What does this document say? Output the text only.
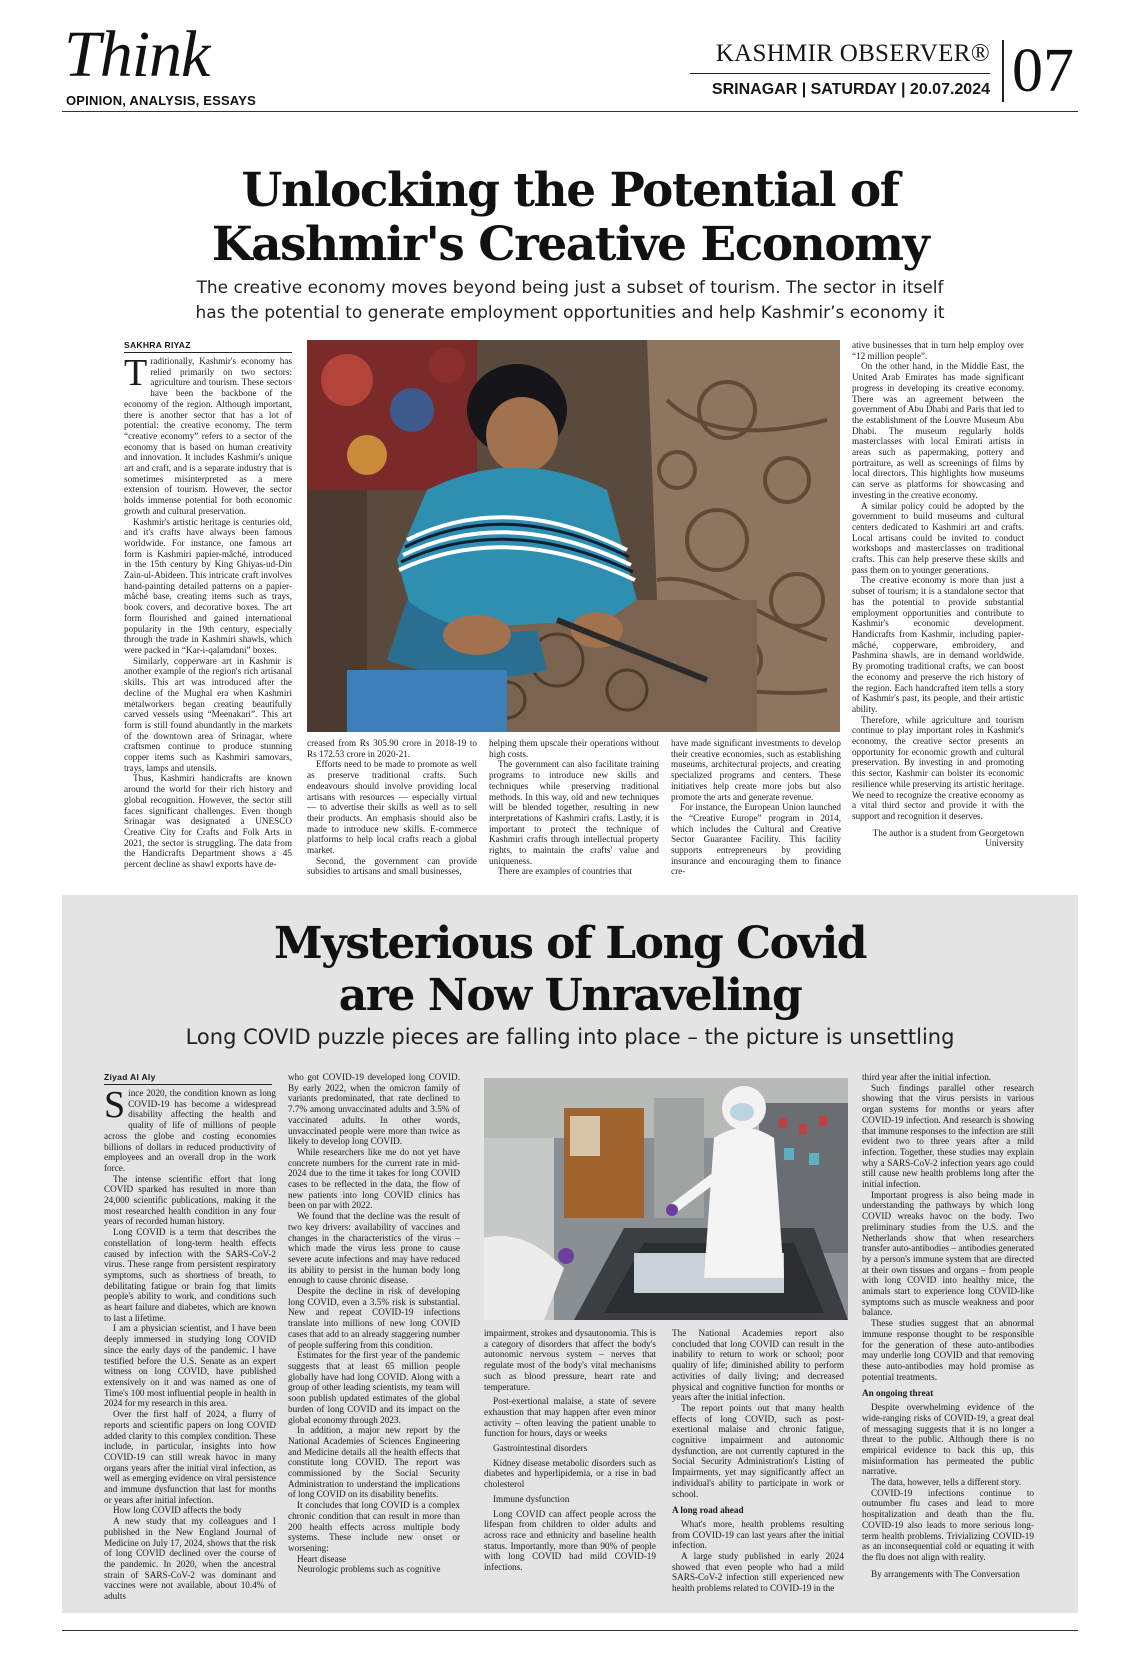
Think
OPINION, ANALYSIS, ESSAYS
KASHMIR OBSERVER®
SRINAGAR | SATURDAY | 20.07.2024 07
Unlocking the Potential of
Kashmir's Creative Economy
The creative economy moves beyond being just a subset of tourism. The sector in itself
has the potential to generate employment opportunities and help Kashmir’s economy it
SAKHRA RIYAZ
T raditionally, Kashmir's economy has relied primarily on two sectors: agriculture and tourism. These sectors have been the backbone of the economy of the region. Although important, there is another sector that has a lot of potential: the creative economy. The term “creative economy” refers to a sector of the economy that is based on human creativity and innovation. It includes Kashmir's unique art and craft, and is a separate industry that is sometimes misinterpreted as a mere extension of tourism. However, the sector holds immense potential for both economic growth and cultural preservation.

Kashmir's artistic heritage is centuries old, and it's crafts have always been famous worldwide. For instance, one famous art form is Kashmiri papier-mâché, introduced in the 15th century by King Ghiyas-ud-Din Zain-ul-Abideen. This intricate craft involves hand-painting detailed patterns on a papier-mâché base, creating items such as trays, book covers, and decorative boxes. The art form flourished and gained international popularity in the 19th century, especially through the trade in Kashmiri shawls, which were packed in “Kar-i-qalamdani” boxes.

Similarly, copperware art in Kashmir is another example of the region's rich artisanal skills. This art was introduced after the decline of the Mughal era when Kashmiri metalworkers began creating beautifully carved vessels using “Meenakari”. This art form is still found abundantly in the markets of the downtown area of Srinagar, where craftsmen continue to produce stunning copper items such as Kashmiri samovars, trays, lamps and utensils.

Thus, Kashmiri handicrafts are known around the world for their rich history and global recognition. However, the sector still faces significant challenges. Even though Srinagar was designated a UNESCO Creative City for Crafts and Folk Arts in 2021, the sector is struggling. The data from the Handicrafts Department shows a 45 percent decline as shawl exports have de-

creased from Rs 305.90 crore in 2018-19 to Rs 172.53 crore in 2020-21.

Efforts need to be made to promote as well as preserve traditional crafts. Such endeavours should involve providing local artisans with resources — especially virtual — to advertise their skills as well as to sell their products. An emphasis should also be made to introduce new skills. E-commerce platforms to help local crafts reach a global market.

Second, the government can provide subsidies to artisans and small businesses,

helping them upscale their operations without high costs.

The government can also facilitate training programs to introduce new skills and techniques while preserving traditional methods. In this way, old and new techniques will be blended together, resulting in new interpretations of Kashmiri crafts. Lastly, it is important to protect the technique of Kashmiri crafts through intellectual property rights, to maintain the crafts' value and uniqueness.

There are examples of countries that

have made significant investments to develop their creative economies, such as establishing museums, architectural projects, and creating specialized programs and centers. These initiatives help create more jobs but also promote the arts and generate revenue.

For instance, the European Union launched the “Creative Europe” program in 2014, which includes the Cultural and Creative Sector Guarantee Facility. This facility supports entrepreneurs by providing insurance and encouraging them to finance cre-

ative businesses that in turn help employ over “12 million people”.

On the other hand, in the Middle East, the United Arab Emirates has made significant progress in developing its creative economy. There was an agreement between the government of Abu Dhabi and Paris that led to the establishment of the Louvre Museum Abu Dhabi. The museum regularly holds masterclasses with local Emirati artists in areas such as papermaking, pottery and portraiture, as well as screenings of films by local directors. This highlights how museums can serve as platforms for showcasing and investing in the creative economy.

A similar policy could be adopted by the government to build museums and cultural centers dedicated to Kashmiri art and crafts. Local artisans could be invited to conduct workshops and masterclasses on traditional crafts. This can help preserve these skills and pass them on to younger generations.

The creative economy is more than just a subset of tourism; it is a standalone sector that has the potential to provide substantial employment opportunities and contribute to Kashmir's economic development. Handicrafts from Kashmir, including papier-mâché, copperware, embroidery, and Pashmina shawls, are in demand worldwide. By promoting traditional crafts, we can boost the economy and preserve the rich history of the region. Each handcrafted item tells a story of Kashmir's past, its people, and their artistic ability.

Therefore, while agriculture and tourism continue to play important roles in Kashmir's economy, the creative sector presents an opportunity for economic growth and cultural preservation. By investing in and promoting this sector, Kashmir can bolster its economic resilience while preserving its artistic heritage. We need to recognize the creative economy as a vital third sector and provide it with the support and recognition it deserves.

The author is a student from Georgetown University

Mysterious of Long Covid
are Now Unraveling
Long COVID puzzle pieces are falling into place – the picture is unsettling
Ziyad Al Aly
S ince 2020, the condition known as long COVID-19 has become a widespread disability affecting the health and quality of life of millions of people across the globe and costing economies billions of dollars in reduced productivity of employees and an overall drop in the work force.

The intense scientific effort that long COVID sparked has resulted in more than 24,000 scientific publications, making it the most researched health condition in any four years of recorded human history.

Long COVID is a term that describes the constellation of long-term health effects caused by infection with the SARS-CoV-2 virus. These range from persistent respiratory symptoms, such as shortness of breath, to debilitating fatigue or brain fog that limits people's ability to work, and conditions such as heart failure and diabetes, which are known to last a lifetime.

I am a physician scientist, and I have been deeply immersed in studying long COVID since the early days of the pandemic. I have testified before the U.S. Senate as an expert witness on long COVID, have published extensively on it and was named as one of Time's 100 most influential people in health in 2024 for my research in this area.

Over the first half of 2024, a flurry of reports and scientific papers on long COVID added clarity to this complex condition. These include, in particular, insights into how COVID-19 can still wreak havoc in many organs years after the initial viral infection, as well as emerging evidence on viral persistence and immune dysfunction that last for months or years after initial infection.

How long COVID affects the body

A new study that my colleagues and I published in the New England Journal of Medicine on July 17, 2024, shows that the risk of long COVID declined over the course of the pandemic. In 2020, when the ancestral strain of SARS-CoV-2 was dominant and vaccines were not available, about 10.4% of adults

who got COVID-19 developed long COVID. By early 2022, when the omicron family of variants predominated, that rate declined to 7.7% among unvaccinated adults and 3.5% of vaccinated adults. In other words, unvaccinated people were more than twice as likely to develop long COVID.

While researchers like me do not yet have concrete numbers for the current rate in mid-2024 due to the time it takes for long COVID cases to be reflected in the data, the flow of new patients into long COVID clinics has been on par with 2022.

We found that the decline was the result of two key drivers: availability of vaccines and changes in the characteristics of the virus – which made the virus less prone to cause severe acute infections and may have reduced its ability to persist in the human body long enough to cause chronic disease.

Despite the decline in risk of developing long COVID, even a 3.5% risk is substantial. New and repeat COVID-19 infections translate into millions of new long COVID cases that add to an already staggering number of people suffering from this condition.

Estimates for the first year of the pandemic suggests that at least 65 million people globally have had long COVID. Along with a group of other leading scientists, my team will soon publish updated estimates of the global burden of long COVID and its impact on the global economy through 2023.

In addition, a major new report by the National Academies of Sciences Engineering and Medicine details all the health effects that constitute long COVID. The report was commissioned by the Social Security Administration to understand the implications of long COVID on its disability benefits.

It concludes that long COVID is a complex chronic condition that can result in more than 200 health effects across multiple body systems. These include new onset or worsening:

Heart disease

Neurologic problems such as cognitive

impairment, strokes and dysautonomia. This is a category of disorders that affect the body's autonomic nervous system – nerves that regulate most of the body's vital mechanisms such as blood pressure, heart rate and temperature.

Post-exertional malaise, a state of severe exhaustion that may happen after even minor activity – often leaving the patient unable to function for hours, days or weeks

Gastrointestinal disorders

Kidney disease metabolic disorders such as diabetes and hyperlipidemia, or a rise in bad cholesterol

Immune dysfunction

Long COVID can affect people across the lifespan from children to older adults and across race and ethnicity and baseline health status. Importantly, more than 90% of people with long COVID had mild COVID-19 infections.

The National Academies report also concluded that long COVID can result in the inability to return to work or school; poor quality of life; diminished ability to perform activities of daily living; and decreased physical and cognitive function for months or years after the initial infection.

The report points out that many health effects of long COVID, such as post-exertional malaise and chronic fatigue, cognitive impairment and autonomic dysfunction, are not currently captured in the Social Security Administration's Listing of Impairments, yet may significantly affect an individual's ability to participate in work or school.

A long road ahead

What's more, health problems resulting from COVID-19 can last years after the initial infection.

A large study published in early 2024 showed that even people who had a mild SARS-CoV-2 infection still experienced new health problems related to COVID-19 in the

third year after the initial infection.

Such findings parallel other research showing that the virus persists in various organ systems for months or years after COVID-19 infection. And research is showing that immune responses to the infection are still evident two to three years after a mild infection. Together, these studies may explain why a SARS-CoV-2 infection years ago could still cause new health problems long after the initial infection.

Important progress is also being made in understanding the pathways by which long COVID wreaks havoc on the body. Two preliminary studies from the U.S. and the Netherlands show that when researchers transfer auto-antibodies – antibodies generated by a person's immune system that are directed at their own tissues and organs – from people with long COVID into healthy mice, the animals start to experience long COVID-like symptoms such as muscle weakness and poor balance.

These studies suggest that an abnormal immune response thought to be responsible for the generation of these auto-antibodies may underlie long COVID and that removing these auto-antibodies may hold promise as potential treatments.

An ongoing threat

Despite overwhelming evidence of the wide-ranging risks of COVID-19, a great deal of messaging suggests that it is no longer a threat to the public. Although there is no empirical evidence to back this up, this misinformation has permeated the public narrative.

The data, however, tells a different story.

COVID-19 infections continue to outnumber flu cases and lead to more hospitalization and death than the flu. COVID-19 also leads to more serious long-term health problems. Trivializing COVID-19 as an inconsequential cold or equating it with the flu does not align with reality.

By arrangements with The Conversation
